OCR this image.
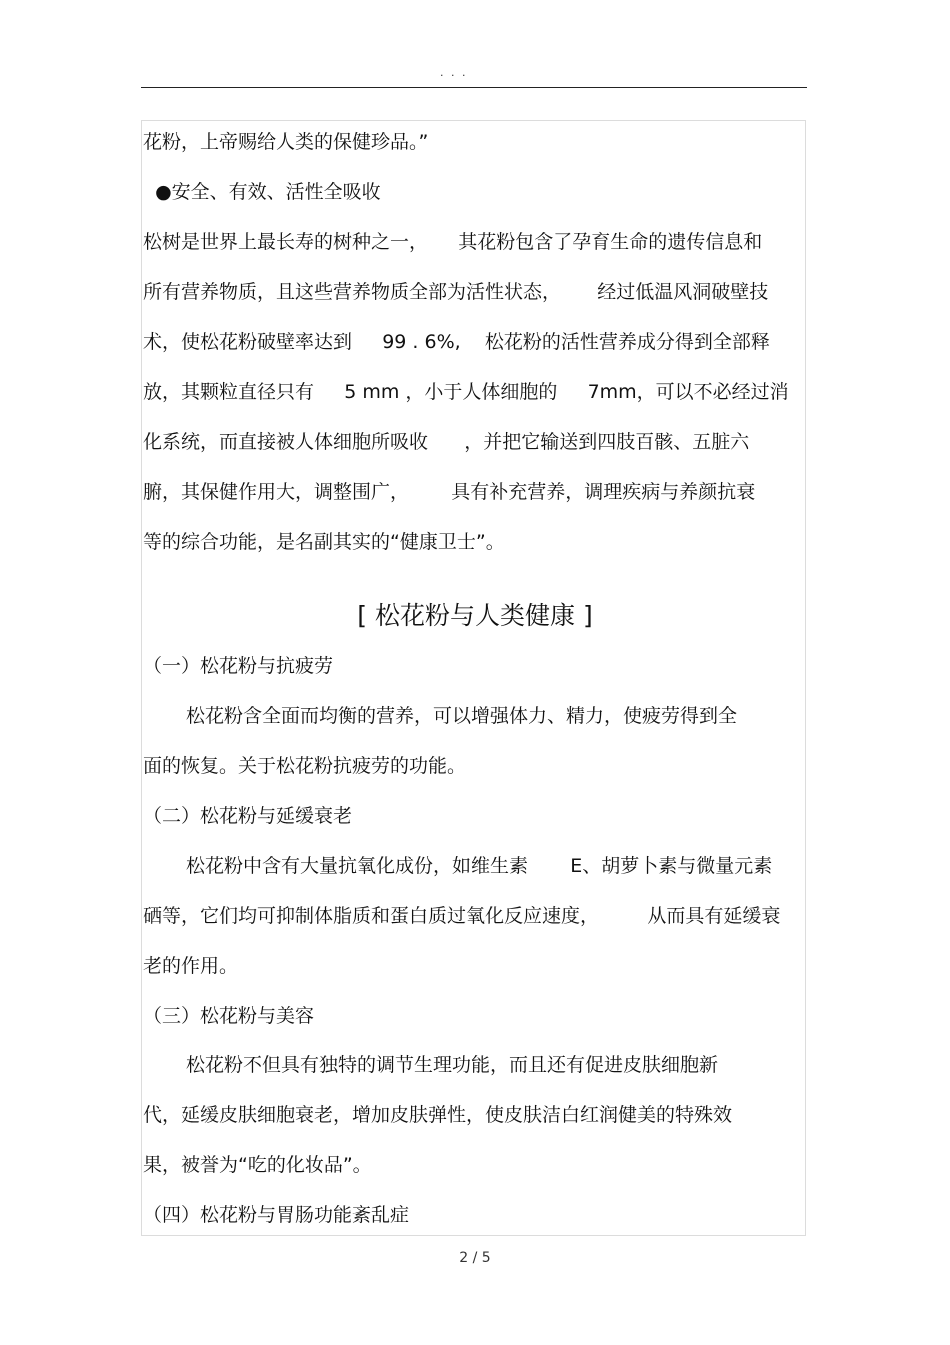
. . .
花粉，上帝赐给人类的保健珍品。”
●安全、有效、活性全吸收
松树是世界上最长寿的树种之一，     其花粉包含了孕育生命的遗传信息和
所有营养物质，且这些营养物质全部为活性状态，      经过低温风洞破壁技
术，使松花粉破壁率达到     99 . 6%,    松花粉的活性营养成分得到全部释
放，其颗粒直径只有     5 mm ，小于人体细胞的     7mm，可以不必经过消
化系统，而直接被人体细胞所吸收      ，并把它输送到四肢百骸、五脏六
腑，其保健作用大，调整围广，       具有补充营养，调理疾病与养颜抗衰
等的综合功能，是名副其实的“健康卫士”。
[ 松花粉与人类健康 ]
（一）松花粉与抗疲劳
松花粉含全面而均衡的营养，可以增强体力、精力，使疲劳得到全
面的恢复。关于松花粉抗疲劳的功能。
（二）松花粉与延缓衰老
松花粉中含有大量抗氧化成份，如维生素       E、胡萝卜素与微量元素
硒等，它们均可抑制体脂质和蛋白质过氧化反应速度，        从而具有延缓衰
老的作用。
（三）松花粉与美容
松花粉不但具有独特的调节生理功能，而且还有促进皮肤细胞新
代，延缓皮肤细胞衰老，增加皮肤弹性，使皮肤洁白红润健美的特殊效
果，被誉为“吃的化妆品”。
（四）松花粉与胃肠功能紊乱症
2 / 5
